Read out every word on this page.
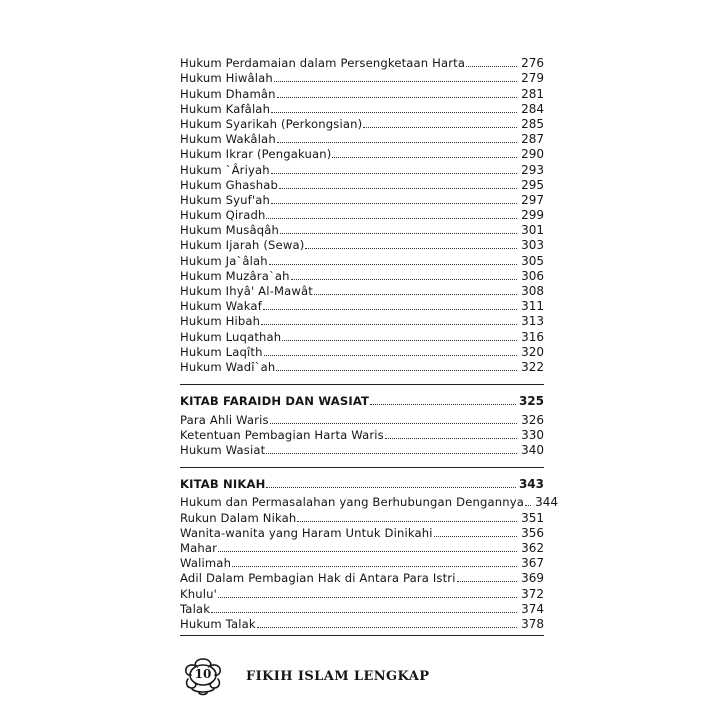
Hukum Perdamaian dalam Persengketaan Harta	276
Hukum Hiwâlah	279
Hukum Dhamân	281
Hukum Kafâlah	284
Hukum Syarikah (Perkongsian)	285
Hukum Wakâlah	287
Hukum Ikrar (Pengakuan)	290
Hukum `Âriyah	293
Hukum Ghashab	295
Hukum Syuf'ah	297
Hukum Qiradh	299
Hukum Musâqâh	301
Hukum Ijarah (Sewa)	303
Hukum Ja`âlah	305
Hukum Muzâra`ah	306
Hukum Ihyâ' Al-Mawât	308
Hukum Wakaf	311
Hukum Hibah	313
Hukum Luqathah	316
Hukum Laqîth	320
Hukum Wadî`ah	322
KITAB FARAIDH DAN WASIAT	325
Para Ahli Waris	326
Ketentuan Pembagian Harta Waris	330
Hukum Wasiat	340
KITAB NIKAH	343
Hukum dan Permasalahan yang Berhubungan Dengannya 344
Rukun Dalam Nikah	351
Wanita-wanita yang Haram Untuk Dinikahi	356
Mahar	362
Walimah	367
Adil Dalam Pembagian Hak di Antara Para Istri	369
Khulu'	372
Talak	374
Hukum Talak	378
10	FIKIH ISLAM LENGKAP
